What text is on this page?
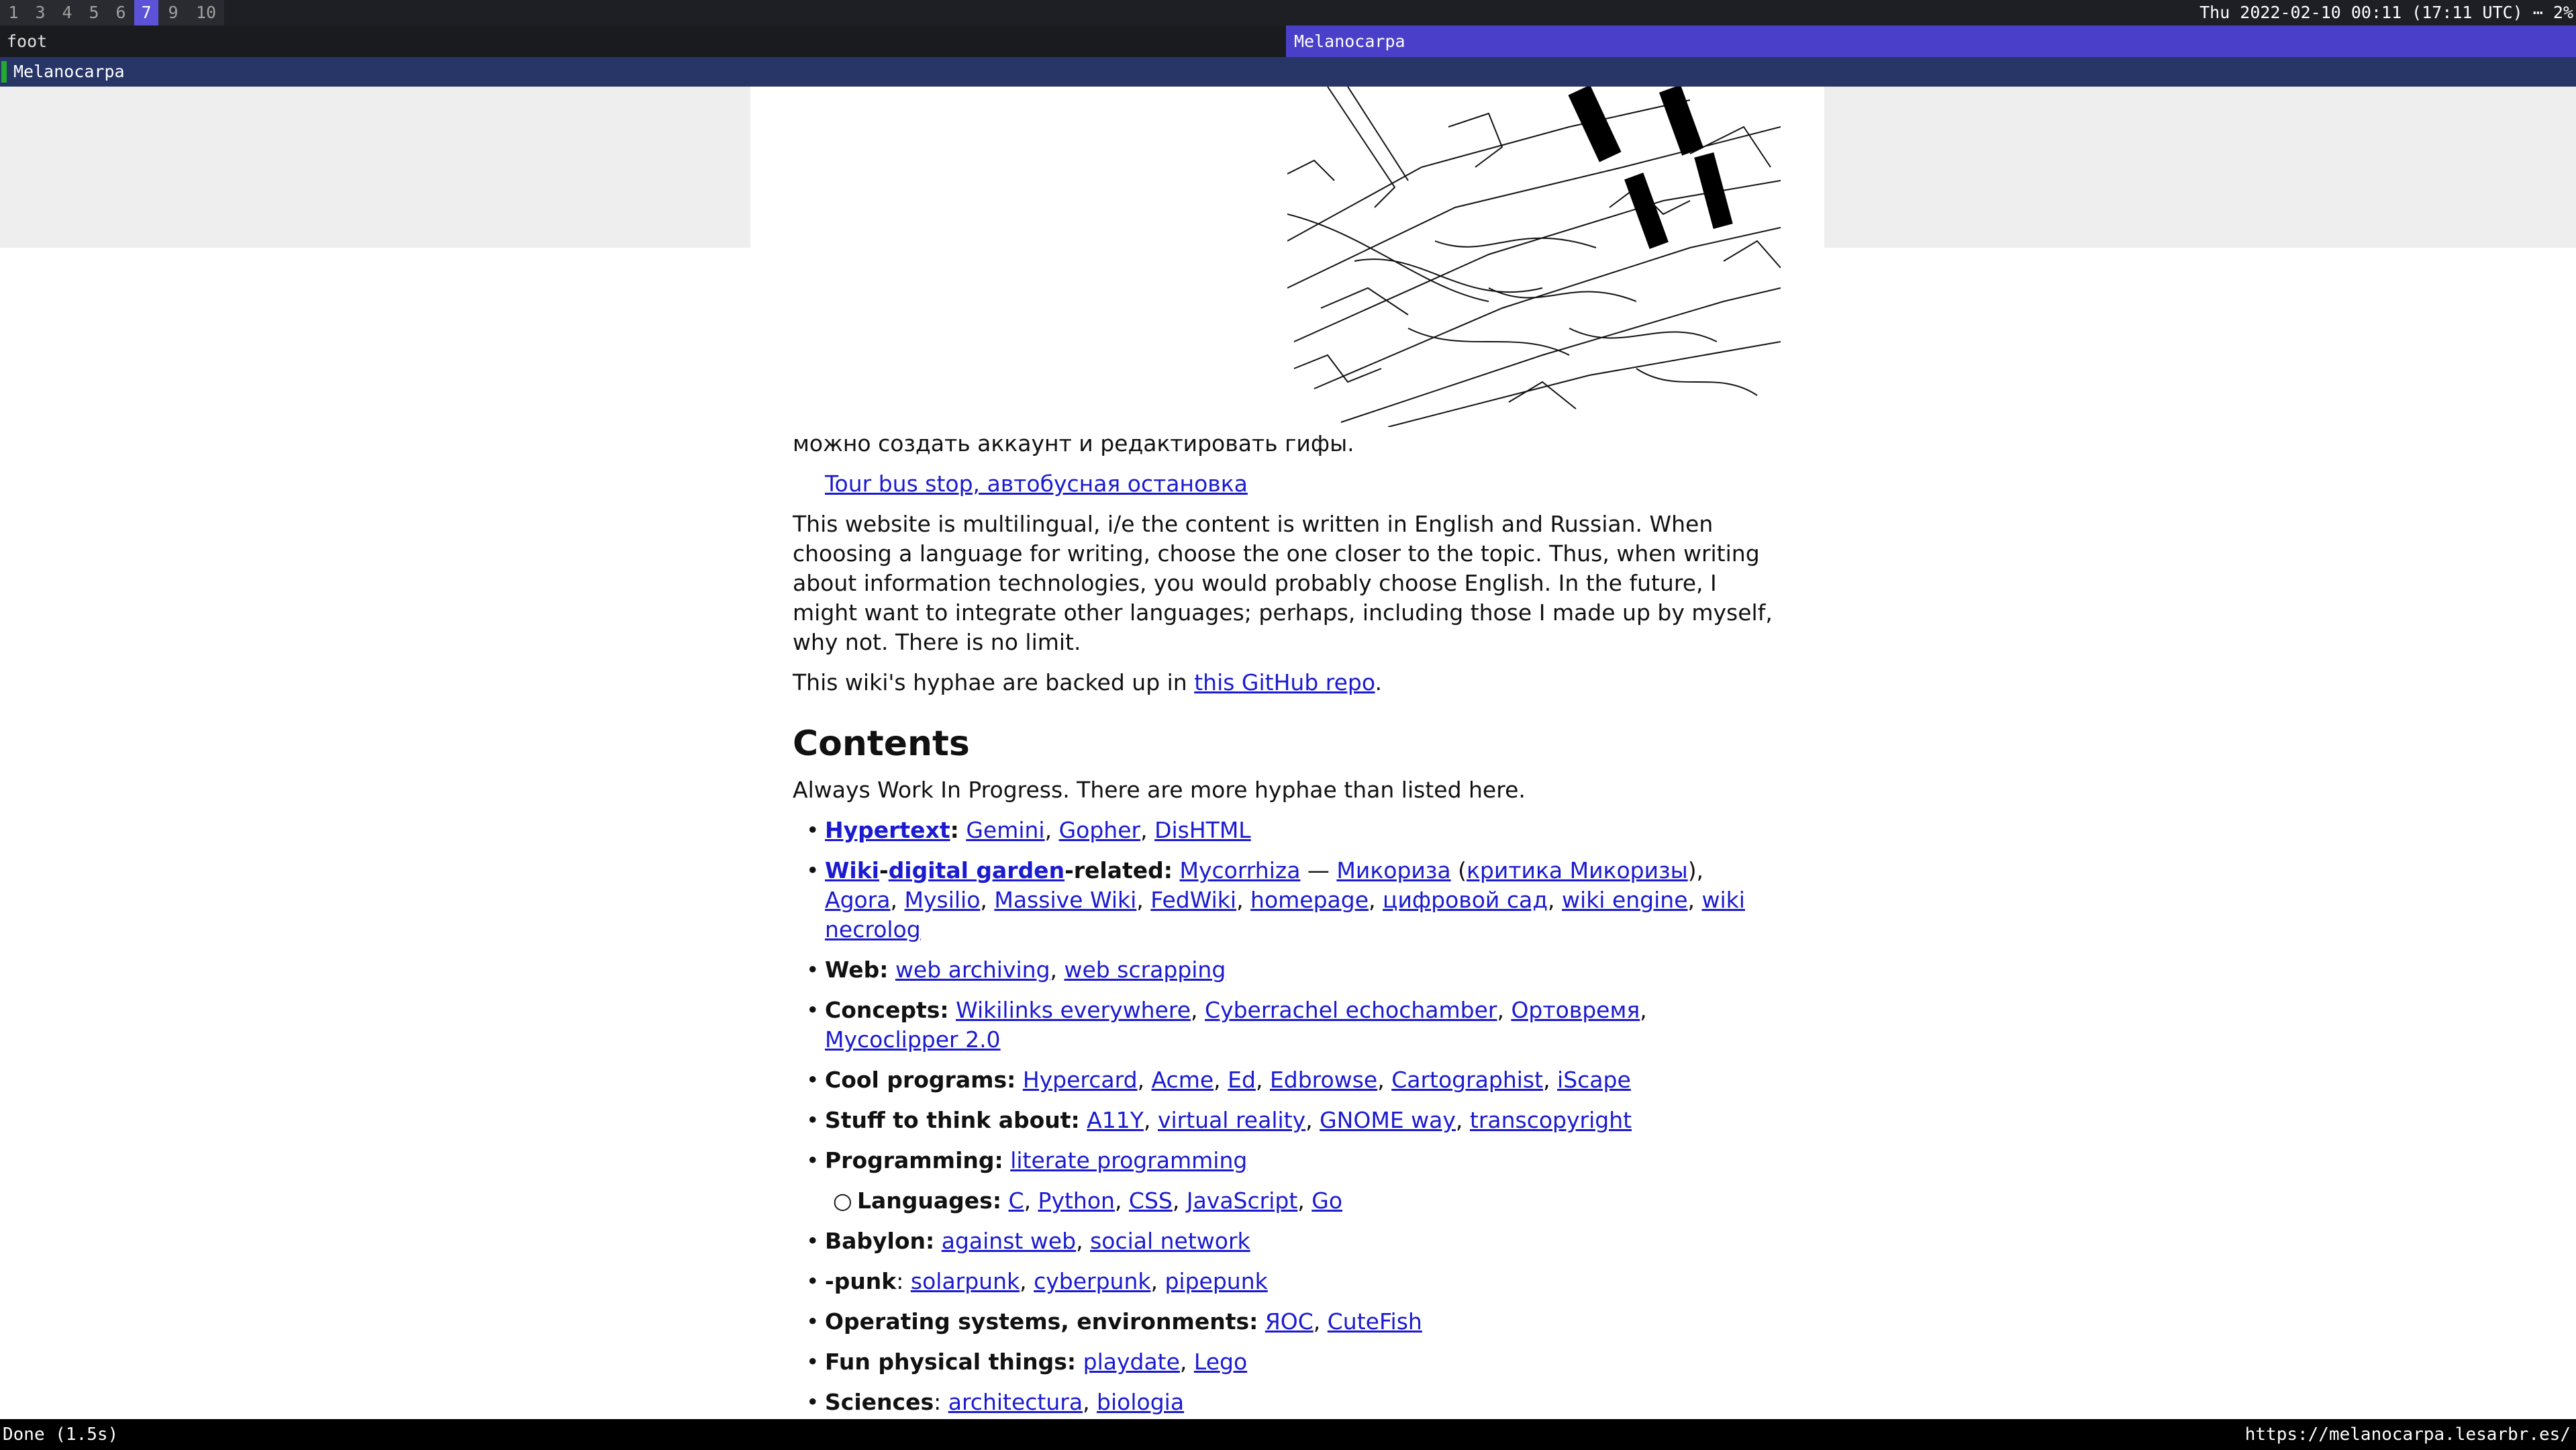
1 3 4 5 6 7 9	10	Thu 2022-02-10 00:11 (17:11 UTC) ⋯ 2%
foot	Melanocarpa
Melanocarpa

можно создать аккаунт и редактировать гифы.

Tour bus stop, автобусная остановка

This website is multilingual, i/e the content is written in English and Russian. When choosing a language for writing, choose the one closer to the topic. Thus, when writing about information technologies, you would probably choose English. In the future, I might want to integrate other languages; perhaps, including those I made up by myself, why not. There is no limit.

This wiki's hyphae are backed up in this GitHub repo.

Contents

Always Work In Progress. There are more hyphae than listed here.

• Hypertext: Gemini, Gopher, DisHTML
• Wiki-digital garden-related: Mycorrhiza — Микориза (критика Микоризы), Agora, Mysilio, Massive Wiki, FedWiki, homepage, цифровой сад, wiki engine, wiki necrolog
• Web: web archiving, web scrapping
• Concepts: Wikilinks everywhere, Cyberrachel echochamber, Ортовремя, Mycoclipper 2.0
• Cool programs: Hypercard, Acme, Ed, Edbrowse, Cartographist, iScape
• Stuff to think about: A11Y, virtual reality, GNOME way, transcopyright
• Programming: literate programming
○ Languages: C, Python, CSS, JavaScript, Go
• Babylon: against web, social network
• -punk: solarpunk, cyberpunk, pipepunk
• Operating systems, environments: ЯОС, CuteFish
• Fun physical things: playdate, Lego
• Sciences: architectura, biologia
Done (1.5s)	https://melanocarpa.lesarbr.es/
